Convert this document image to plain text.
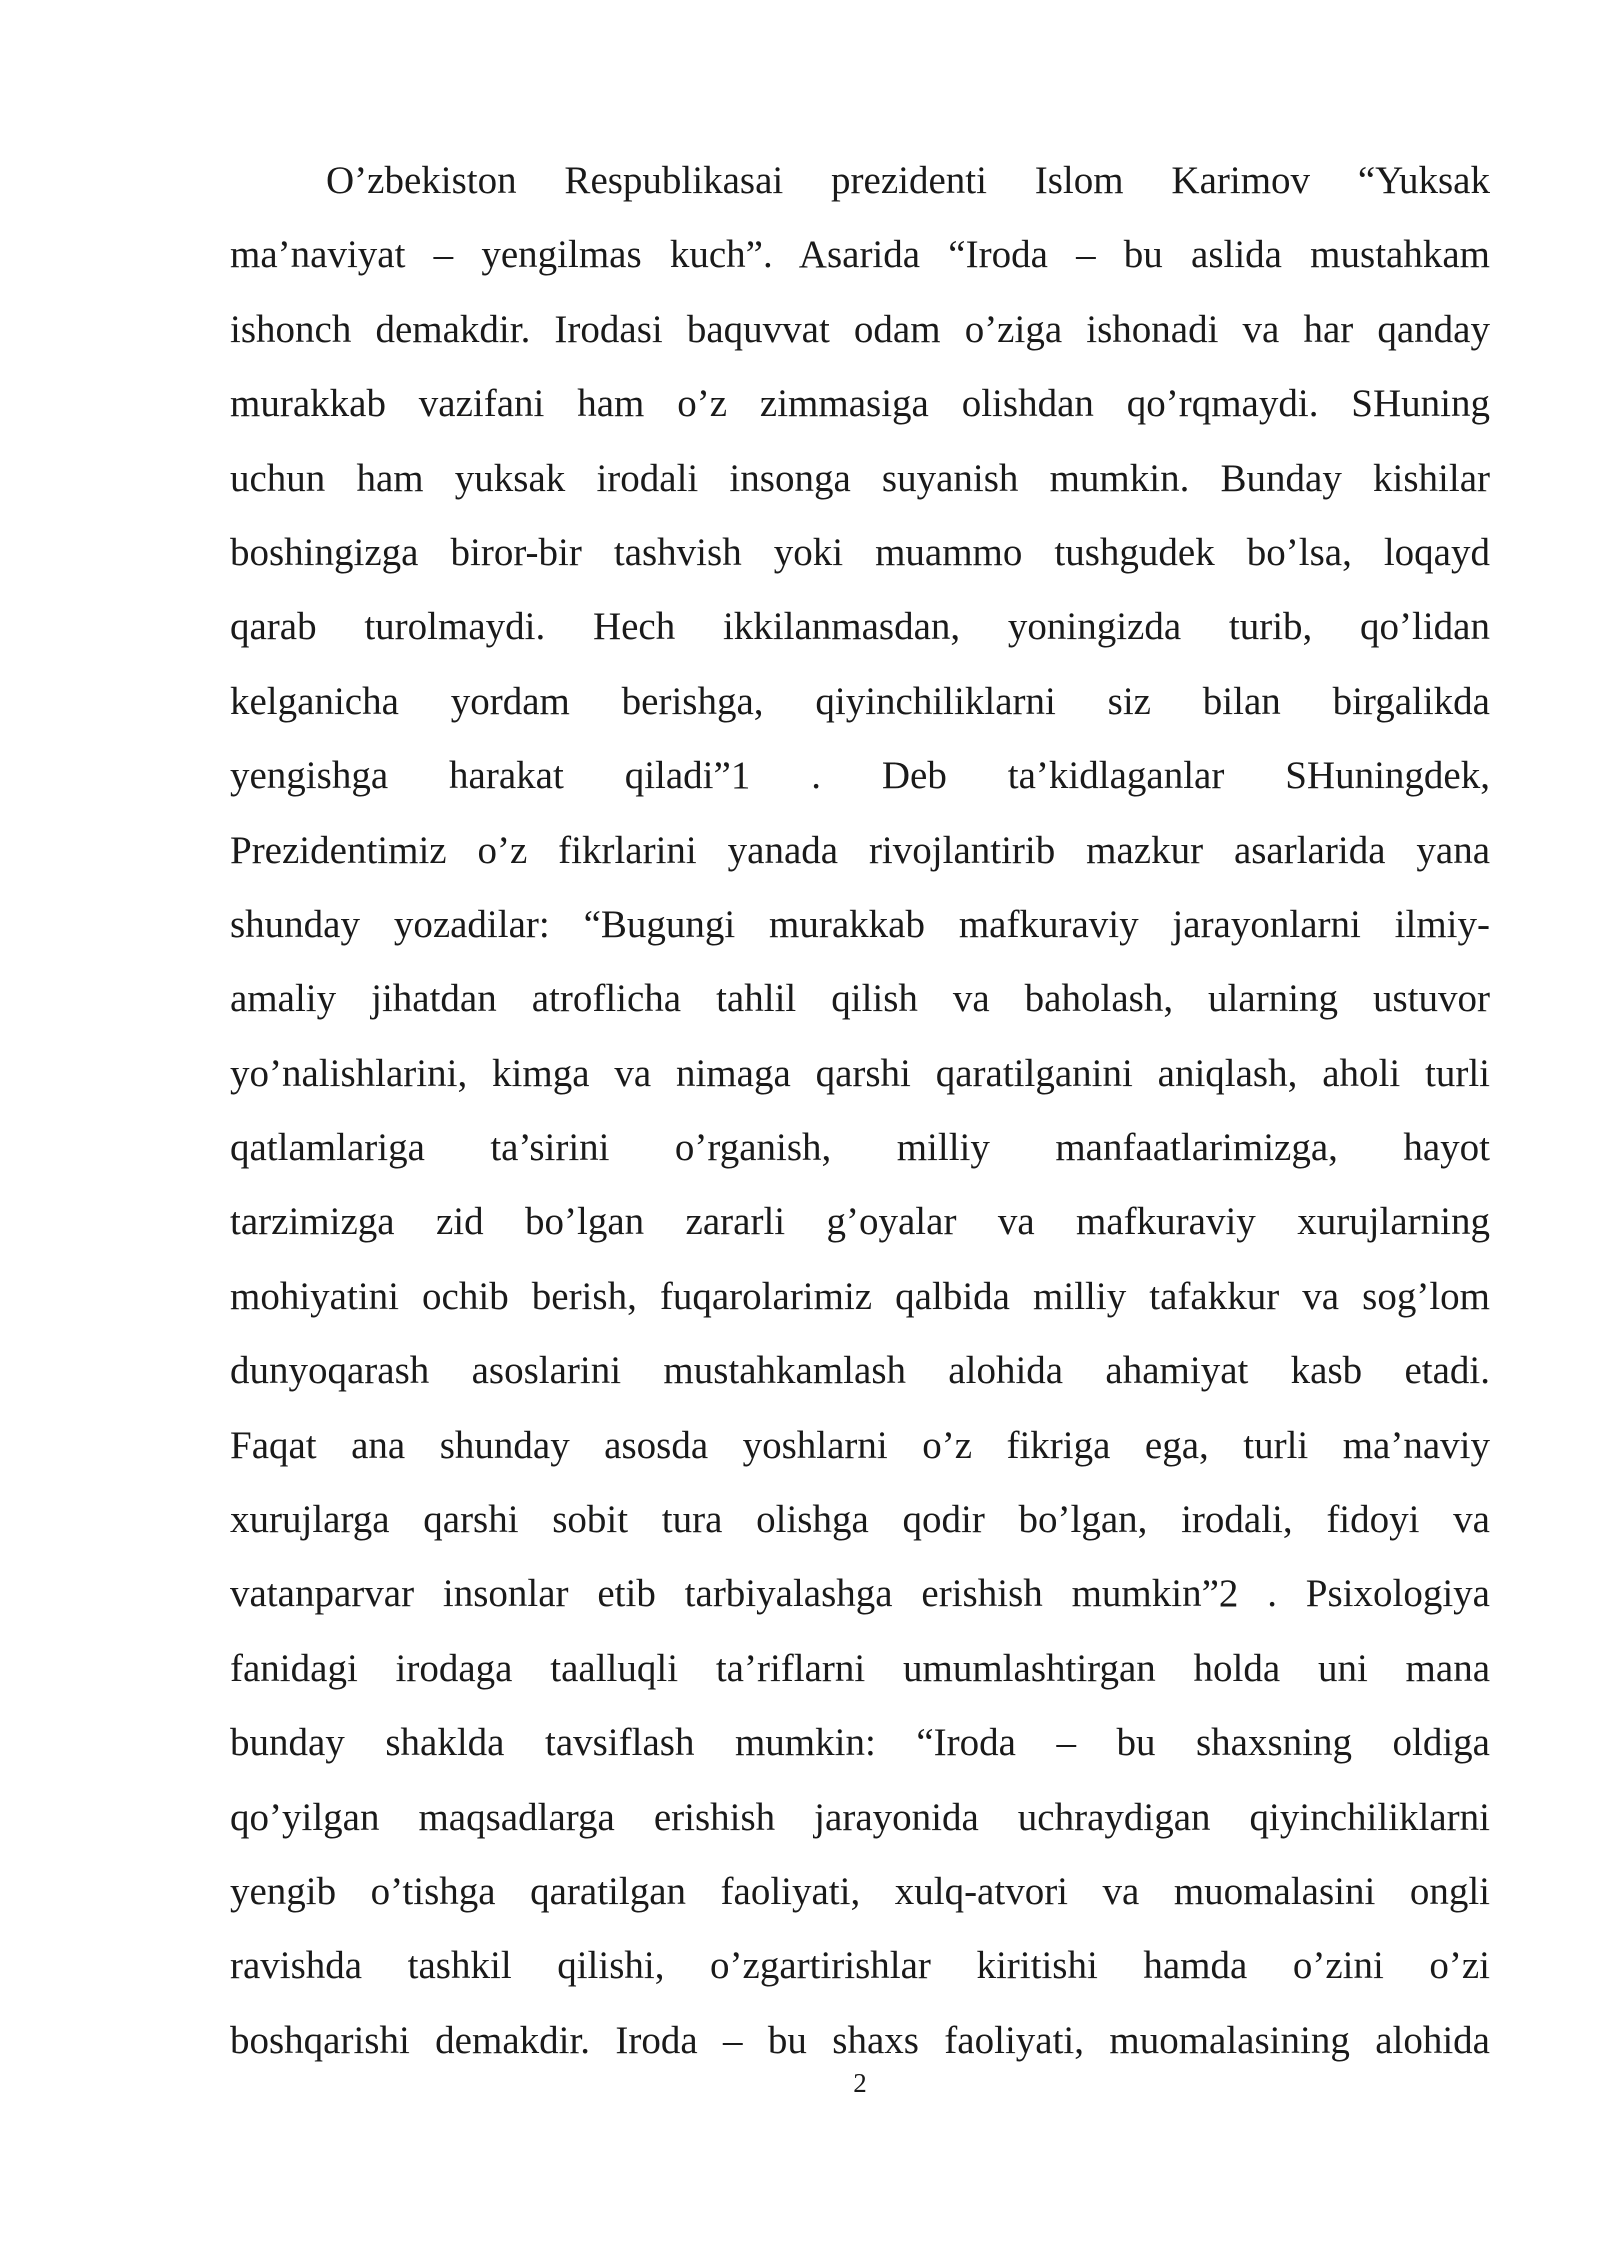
O’zbekiston Respublikasai prezidenti Islom Karimov “Yuksak
ma’naviyat – yengilmas kuch”. Asarida “Iroda – bu aslida mustahkam
ishonch demakdir. Irodasi baquvvat odam o’ziga ishonadi va har qanday
murakkab vazifani ham o’z zimmasiga olishdan qo’rqmaydi. SHuning
uchun ham yuksak irodali insonga suyanish mumkin. Bunday kishilar
boshingizga biror-bir tashvish yoki muammo tushgudek bo’lsa, loqayd
qarab turolmaydi. Hech ikkilanmasdan, yoningizda turib, qo’lidan
kelganicha yordam berishga, qiyinchiliklarni siz bilan birgalikda
yengishga harakat qiladi”1 . Deb ta’kidlaganlar SHuningdek,
Prezidentimiz o’z fikrlarini yanada rivojlantirib mazkur asarlarida yana
shunday yozadilar: “Bugungi murakkab mafkuraviy jarayonlarni ilmiy-
amaliy jihatdan atroflicha tahlil qilish va baholash, ularning ustuvor
yo’nalishlarini, kimga va nimaga qarshi qaratilganini aniqlash, aholi turli
qatlamlariga ta’sirini o’rganish, milliy manfaatlarimizga, hayot
tarzimizga zid bo’lgan zararli g’oyalar va mafkuraviy xurujlarning
mohiyatini ochib berish, fuqarolarimiz qalbida milliy tafakkur va sog’lom
dunyoqarash asoslarini mustahkamlash alohida ahamiyat kasb etadi.
Faqat ana shunday asosda yoshlarni o’z fikriga ega, turli ma’naviy
xurujlarga qarshi sobit tura olishga qodir bo’lgan, irodali, fidoyi va
vatanparvar insonlar etib tarbiyalashga erishish mumkin”2 . Psixologiya
fanidagi irodaga taalluqli ta’riflarni umumlashtirgan holda uni mana
bunday shaklda tavsiflash mumkin: “Iroda – bu shaxsning oldiga
qo’yilgan maqsadlarga erishish jarayonida uchraydigan qiyinchiliklarni
yengib o’tishga qaratilgan faoliyati, xulq-atvori va muomalasini ongli
ravishda tashkil qilishi, o’zgartirishlar kiritishi hamda o’zini o’zi
boshqarishi demakdir. Iroda – bu shaxs faoliyati, muomalasining alohida
2
